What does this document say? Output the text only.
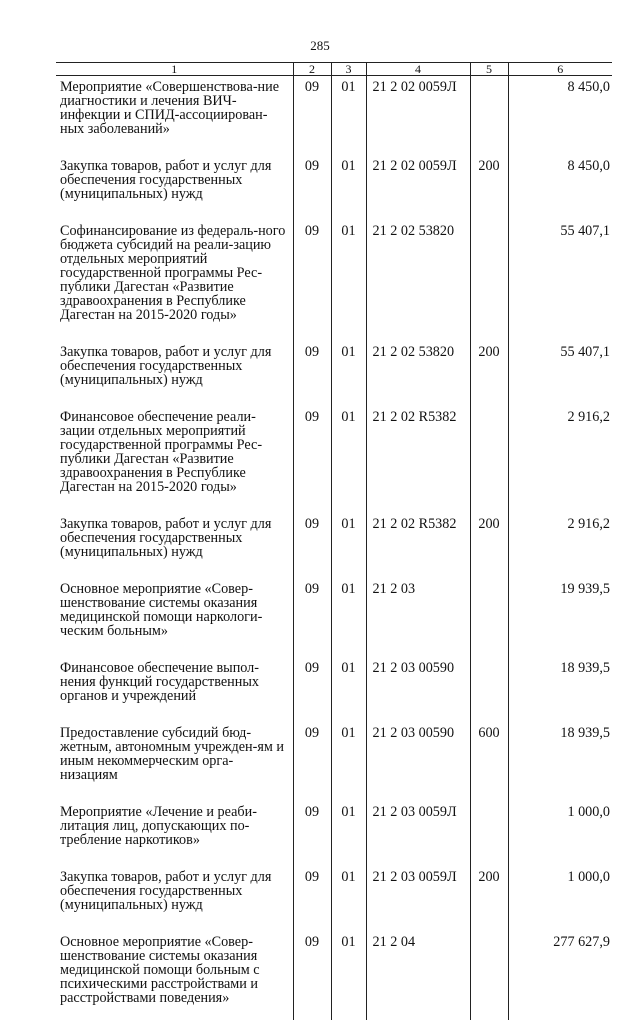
285
1	2	3	4	5	6
Мероприятие «Совершенствова-ние диагностики и лечения ВИЧ-инфекции и СПИД-ассоциирован-ных заболеваний»	09	01	21 2 02 0059Л		8 450,0
Закупка товаров, работ и услуг для обеспечения государственных (муниципальных) нужд	09	01	21 2 02 0059Л	200	8 450,0
Софинансирование из федераль-ного бюджета субсидий на реали-зацию отдельных мероприятий государственной программы Рес-публики Дагестан «Развитие здравоохранения в Республике Дагестан на 2015-2020 годы»	09	01	21 2 02 53820		55 407,1
Закупка товаров, работ и услуг для обеспечения государственных (муниципальных) нужд	09	01	21 2 02 53820	200	55 407,1
Финансовое обеспечение реали-зации отдельных мероприятий государственной программы Рес-публики Дагестан «Развитие здравоохранения в Республике Дагестан на 2015-2020 годы»	09	01	21 2 02 R5382		2 916,2
Закупка товаров, работ и услуг для обеспечения государственных (муниципальных) нужд	09	01	21 2 02 R5382	200	2 916,2
Основное мероприятие «Совер-шенствование системы оказания медицинской помощи наркологи-ческим больным»	09	01	21 2 03		19 939,5
Финансовое обеспечение выпол-нения функций государственных органов и учреждений	09	01	21 2 03 00590		18 939,5
Предоставление субсидий бюд-жетным, автономным учрежден-ям и иным некоммерческим орга-низациям	09	01	21 2 03 00590	600	18 939,5
Мероприятие «Лечение и реаби-литация лиц, допускающих по-требление наркотиков»	09	01	21 2 03 0059Л		1 000,0
Закупка товаров, работ и услуг для обеспечения государственных (муниципальных) нужд	09	01	21 2 03 0059Л	200	1 000,0
Основное мероприятие «Совер-шенствование системы оказания медицинской помощи больным с психическими расстройствами и расстройствами поведения»	09	01	21 2 04		277 627,9
